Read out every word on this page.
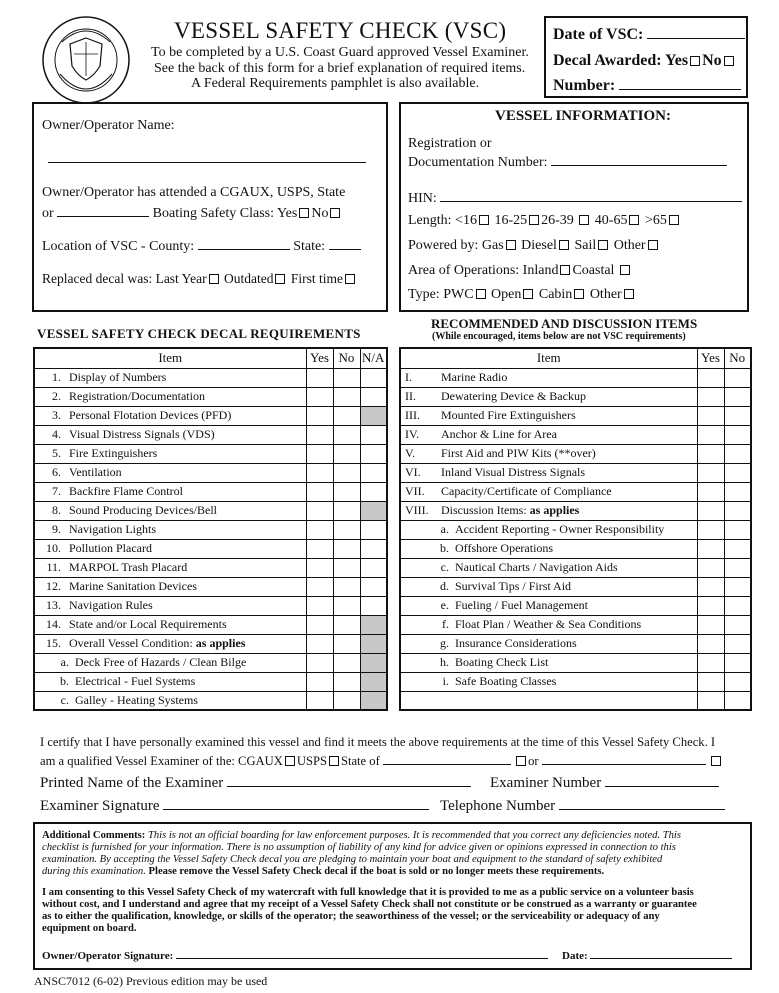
VESSEL SAFETY CHECK (VSC)
To be completed by a U.S. Coast Guard approved Vessel Examiner.
See the back of this form for a brief explanation of required items.
A Federal Requirements pamphlet is also available.
Date of VSC:
Decal Awarded: Yes No
Number:
Owner/Operator Name:
Owner/Operator has attended a CGAUX, USPS, State
or	Boating Safety Class: Yes No
Location of VSC - County:	State:
Replaced decal was: Last Year Outdated First time
VESSEL INFORMATION:
Registration or
Documentation Number:
HIN:
Length: <16 16-25 26-39 40-65 >65
Powered by: Gas Diesel Sail Other
Area of Operations: Inland Coastal
Type: PWC Open Cabin Other
VESSEL SAFETY CHECK DECAL REQUIREMENTS
RECOMMENDED AND DISCUSSION ITEMS
(While encouraged, items below are not VSC requirements)
Item	Yes	No	N/A
1. Display of Numbers			
2. Registration/Documentation			
3. Personal Flotation Devices (PFD)			
4. Visual Distress Signals (VDS)			
5. Fire Extinguishers			
6. Ventilation			
7. Backfire Flame Control			
8. Sound Producing Devices/Bell			
9. Navigation Lights			
10. Pollution Placard			
11. MARPOL Trash Placard			
12. Marine Sanitation Devices			
13. Navigation Rules			
14. State and/or Local Requirements			
15. Overall Vessel Condition: as applies			
a. Deck Free of Hazards / Clean Bilge			
b. Electrical - Fuel Systems			
c. Galley - Heating Systems			
Item	Yes	No
I. Marine Radio		
II. Dewatering Device & Backup		
III. Mounted Fire Extinguishers		
IV. Anchor & Line for Area		
V. First Aid and PIW Kits (**over)		
VI. Inland Visual Distress Signals		
VII. Capacity/Certificate of Compliance		
VIII. Discussion Items: as applies		
a. Accident Reporting - Owner Responsibility		
b. Offshore Operations		
c. Nautical Charts / Navigation Aids		
d. Survival Tips / First Aid		
e. Fueling / Fuel Management		
f. Float Plan / Weather & Sea Conditions		
g. Insurance Considerations		
h. Boating Check List		
i. Safe Boating Classes		

I certify that I have personally examined this vessel and find it meets the above requirements at the time of this Vessel Safety Check. I
am a qualified Vessel Examiner of the: CGAUX USPS State of	or
Printed Name of the Examiner	Examiner Number
Examiner Signature	Telephone Number
Additional Comments: This is not an official boarding for law enforcement purposes. It is recommended that you correct any deficiencies noted. This
checklist is furnished for your information. There is no assumption of liability of any kind for advice given or opinions expressed in connection to this
examination. By accepting the Vessel Safety Check decal you are pledging to maintain your boat and equipment to the standard of safety exhibited
during this examination. Please remove the Vessel Safety Check decal if the boat is sold or no longer meets these requirements.
I am consenting to this Vessel Safety Check of my watercraft with full knowledge that it is provided to me as a public service on a volunteer basis
without cost, and I understand and agree that my receipt of a Vessel Safety Check shall not constitute or be construed as a warranty or guarantee
as to either the qualification, knowledge, or skills of the operator; the seaworthiness of the vessel; or the serviceability or adequacy of any
equipment on board.
Owner/Operator Signature:	Date:
ANSC7012 (6-02) Previous edition may be used
